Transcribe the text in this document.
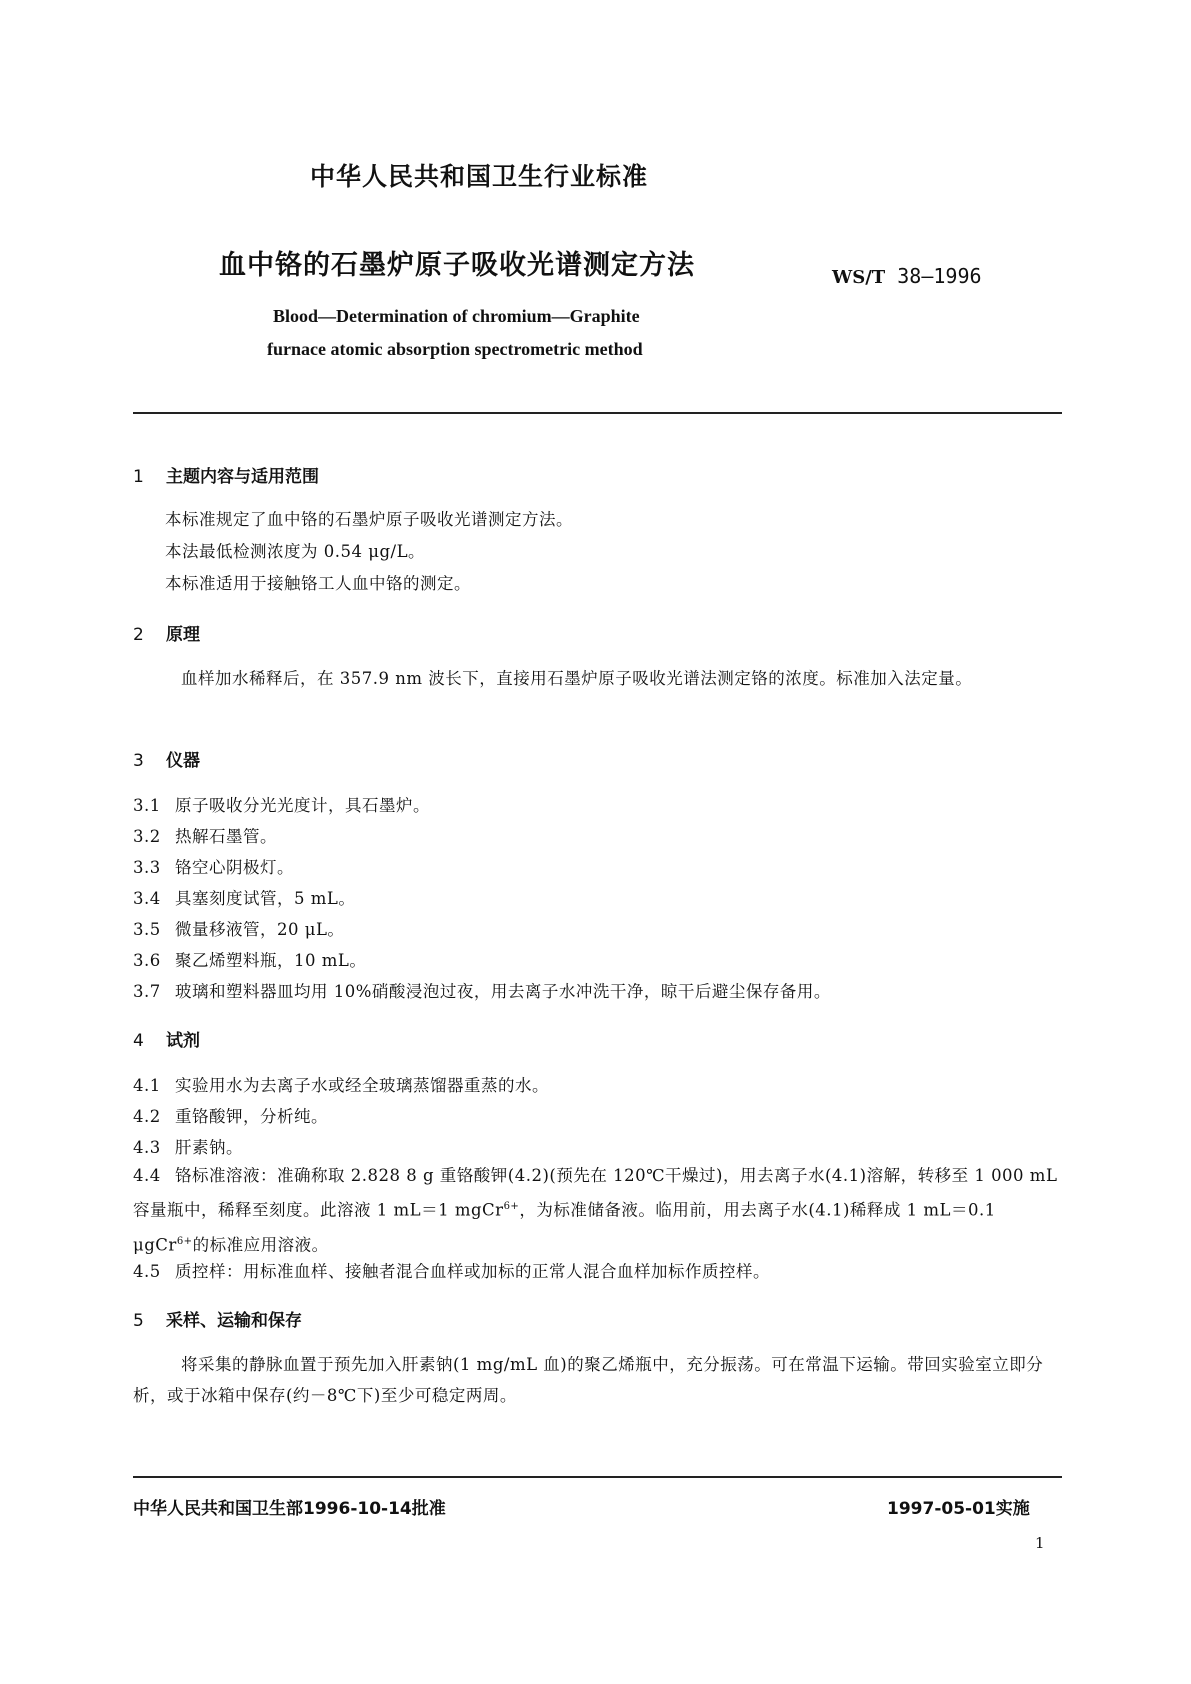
中华人民共和国卫生行业标准
血中铬的石墨炉原子吸收光谱测定方法	WS/T 38—1996
Blood—Determination of chromium—Graphite
furnace atomic absorption spectrometric method
1 主题内容与适用范围
本标准规定了血中铬的石墨炉原子吸收光谱测定方法。
本法最低检测浓度为 0.54 μg/L。
本标准适用于接触铬工人血中铬的测定。
2 原理
血样加水稀释后，在 357.9 nm 波长下，直接用石墨炉原子吸收光谱法测定铬的浓度。标准加入法定量。
3 仪器
3.1 原子吸收分光光度计，具石墨炉。
3.2 热解石墨管。
3.3 铬空心阴极灯。
3.4 具塞刻度试管，5 mL。
3.5 微量移液管，20 μL。
3.6 聚乙烯塑料瓶，10 mL。
3.7 玻璃和塑料器皿均用 10%硝酸浸泡过夜，用去离子水冲洗干净，晾干后避尘保存备用。
4 试剂
4.1 实验用水为去离子水或经全玻璃蒸馏器重蒸的水。
4.2 重铬酸钾，分析纯。
4.3 肝素钠。
4.4 铬标准溶液：准确称取 2.828 8 g 重铬酸钾(4.2)(预先在 120℃干燥过)，用去离子水(4.1)溶解，转移至 1 000 mL 容量瓶中，稀释至刻度。此溶液 1 mL＝1 mgCr$^{6+}$，为标准储备液。临用前，用去离子水(4.1)稀释成 1 mL＝0.1 μgCr$^{6+}$的标准应用溶液。
4.5 质控样：用标准血样、接触者混合血样或加标的正常人混合血样加标作质控样。
5 采样、运输和保存
将采集的静脉血置于预先加入肝素钠(1 mg/mL 血)的聚乙烯瓶中，充分振荡。可在常温下运输。带回实验室立即分析，或于冰箱中保存(约－8℃下)至少可稳定两周。
中华人民共和国卫生部1996-10-14批准	1997-05-01实施
1
